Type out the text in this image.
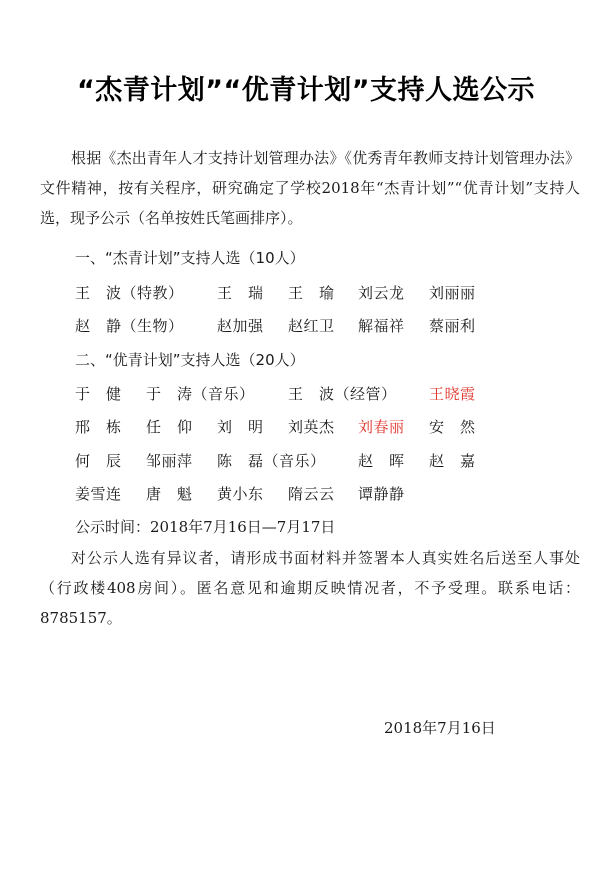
“杰青计划”“优青计划”支持人选公示
根据《杰出青年人才支持计划管理办法》《优秀青年教师支持计划管理办法》文件精神，按有关程序，研究确定了学校2018年“杰青计划”“优青计划”支持人选，现予公示（名单按姓氏笔画排序）。
一、“杰青计划”支持人选（10人）
王　波（特教） 王　瑞 王　瑜 刘云龙 刘丽丽
赵　静（生物） 赵加强 赵红卫 解福祥 蔡丽利
二、“优青计划”支持人选（20人）
于　健 于　涛（音乐） 王　波（经管） 王晓霞
邢　栋 任　仰 刘　明 刘英杰 刘春丽 安　然
何　辰 邹丽萍 陈　磊（音乐） 赵　晖 赵　嘉
姜雪连 唐　魁 黄小东 隋云云 谭静静
公示时间：2018年7月16日—7月17日
对公示人选有异议者，请形成书面材料并签署本人真实姓名后送至人事处（行政楼408房间）。匿名意见和逾期反映情况者，不予受理。联系电话：8785157。
2018年7月16日
